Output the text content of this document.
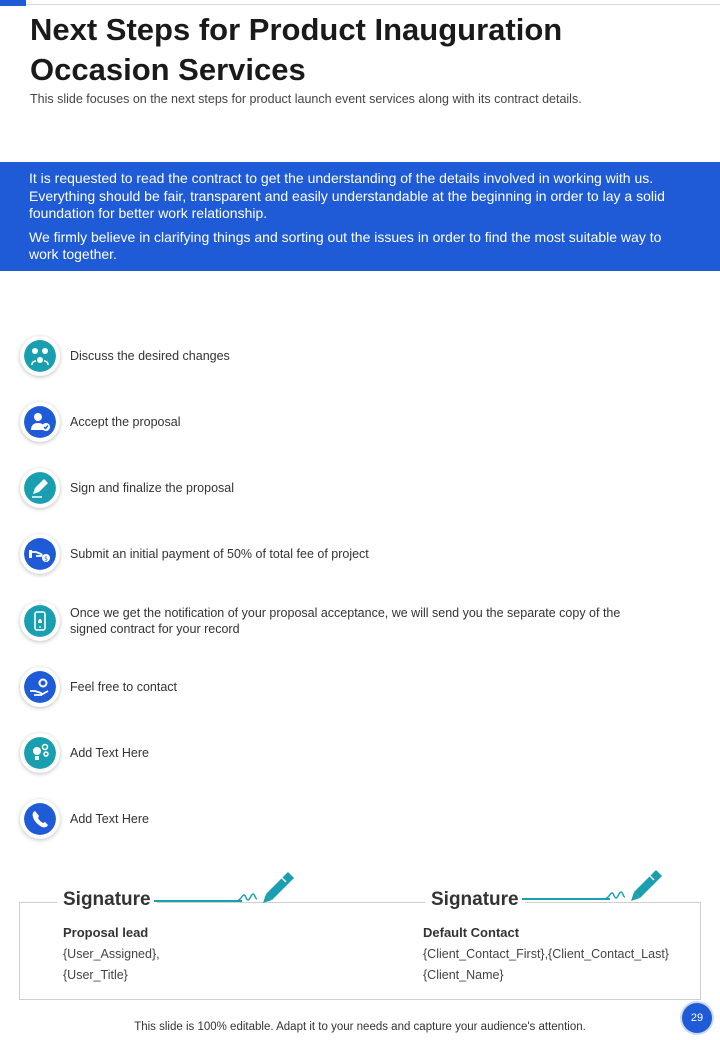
Next Steps for Product Inauguration Occasion Services

This slide focuses on the next steps for product launch event services along with its contract details.

It is requested to read the contract to get the understanding of the details involved in working with us. Everything should be fair, transparent and easily understandable at the beginning in order to lay a solid foundation for better work relationship.

We firmly believe in clarifying things and sorting out the issues in order to find the most suitable way to work together.

Discuss the desired changes
Accept the proposal
Sign and finalize the proposal
$ Submit an initial payment of 50% of total fee of project
Once we get the notification of your proposal acceptance, we will send you the separate copy of the signed contract for your record
Feel free to contact
Add Text Here
Add Text Here
Signature
Proposal lead
{User_Assigned},
{User_Title}
Signature
Default Contact
{Client_Contact_First},{Client_Contact_Last}
{Client_Name}
This slide is 100% editable. Adapt it to your needs and capture your audience's attention.
29
